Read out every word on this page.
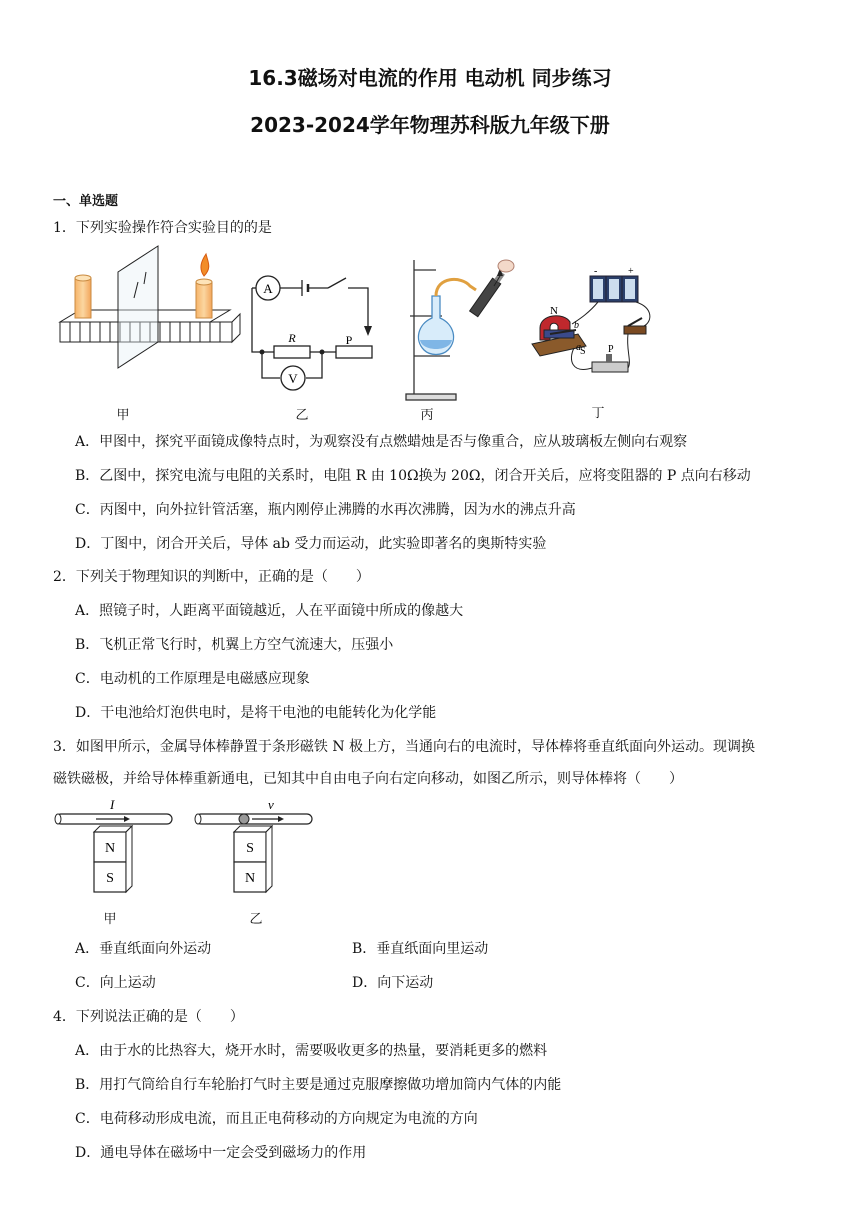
16.3磁场对电流的作用 电动机 同步练习
2023-2024学年物理苏科版九年级下册
一、单选题
1．下列实验操作符合实验目的的是
甲
A
V
R	P
乙	丙
-	+
N
b
a S P
丁
A．甲图中，探究平面镜成像特点时，为观察没有点燃蜡烛是否与像重合，应从玻璃板左侧向右观察
B．乙图中，探究电流与电阻的关系时，电阻 R 由 10Ω换为 20Ω，闭合开关后，应将变阻器的 P 点向右移动
C．丙图中，向外拉针管活塞，瓶内刚停止沸腾的水再次沸腾，因为水的沸点升高
D．丁图中，闭合开关后，导体 ab 受力而运动，此实验即著名的奥斯特实验
2．下列关于物理知识的判断中，正确的是（　　）
A．照镜子时，人距离平面镜越近，人在平面镜中所成的像越大
B．飞机正常飞行时，机翼上方空气流速大，压强小
C．电动机的工作原理是电磁感应现象
D．干电池给灯泡供电时，是将干电池的电能转化为化学能
3．如图甲所示，金属导体棒静置于条形磁铁 N 极上方，当通向右的电流时，导体棒将垂直纸面向外运动。现调换
磁铁磁极，并给导体棒重新通电，已知其中自由电子向右定向移动，如图乙所示，则导体棒将（　　）
I
N
S
甲
v
S
N
乙
A．垂直纸面向外运动	B．垂直纸面向里运动
C．向上运动	D．向下运动
4．下列说法正确的是（　　）
A．由于水的比热容大，烧开水时，需要吸收更多的热量，要消耗更多的燃料
B．用打气筒给自行车轮胎打气时主要是通过克服摩擦做功增加筒内气体的内能
C．电荷移动形成电流，而且正电荷移动的方向规定为电流的方向
D．通电导体在磁场中一定会受到磁场力的作用
